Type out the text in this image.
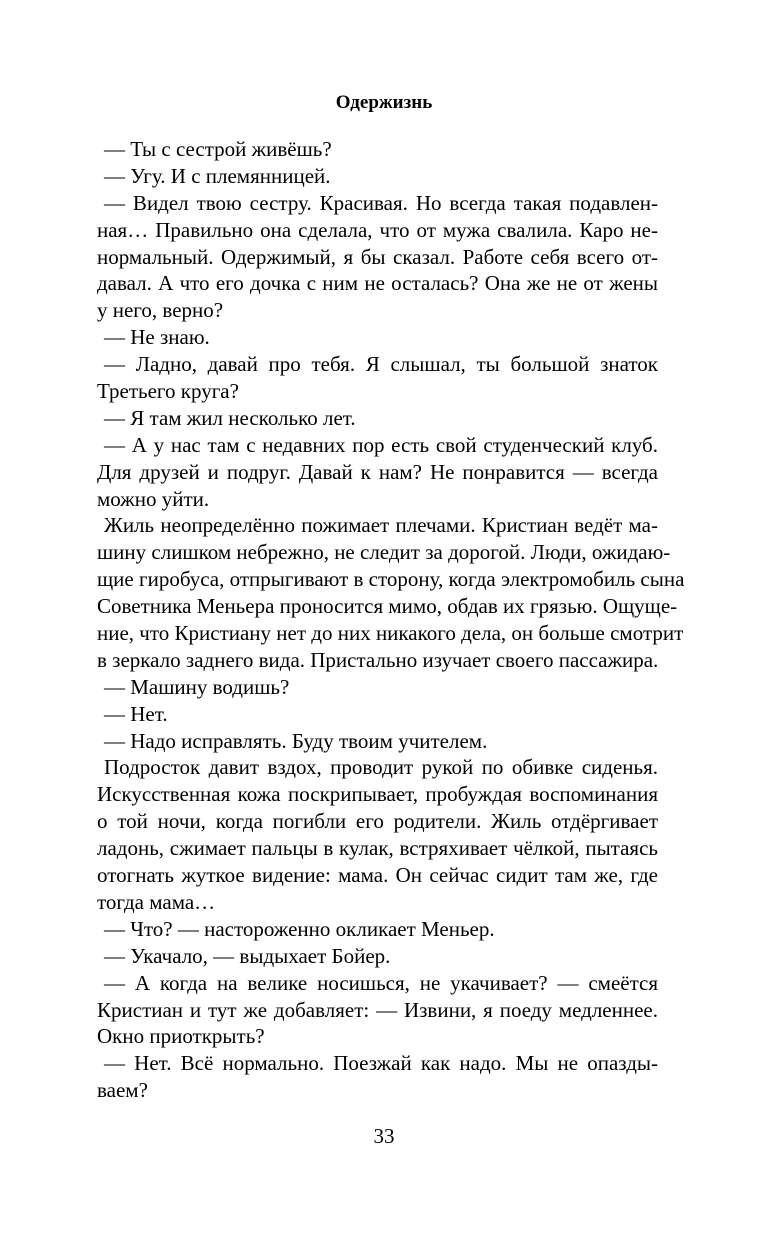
Одержизнь
— Ты с сестрой живёшь?
— Угу. И с племянницей.
— Видел твою сестру. Красивая. Но всегда такая подавлен-
ная… Правильно она сделала, что от мужа свалила. Каро не-
нормальный. Одержимый, я бы сказал. Работе себя всего от-
давал. А что его дочка с ним не осталась? Она же не от жены
у него, верно?
— Не знаю.
— Ладно, давай про тебя. Я слышал, ты большой знаток
Третьего круга?
— Я там жил несколько лет.
— А у нас там с недавних пор есть свой студенческий клуб.
Для друзей и подруг. Давай к нам? Не понравится — всегда
можно уйти.
Жиль неопределённо пожимает плечами. Кристиан ведёт ма-
шину слишком небрежно, не следит за дорогой. Люди, ожидаю-
щие гиробуса, отпрыгивают в сторону, когда электромобиль сына
Советника Меньера проносится мимо, обдав их грязью. Ощуще-
ние, что Кристиану нет до них никакого дела, он больше смотрит
в зеркало заднего вида. Пристально изучает своего пассажира.
— Машину водишь?
— Нет.
— Надо исправлять. Буду твоим учителем.
Подросток давит вздох, проводит рукой по обивке сиденья.
Искусственная кожа поскрипывает, пробуждая воспоминания
о той ночи, когда погибли его родители. Жиль отдёргивает
ладонь, сжимает пальцы в кулак, встряхивает чёлкой, пытаясь
отогнать жуткое видение: мама. Он сейчас сидит там же, где
тогда мама…
— Что? — настороженно окликает Меньер.
— Укачало, — выдыхает Бойер.
— А когда на велике носишься, не укачивает? — смеётся
Кристиан и тут же добавляет: — Извини, я поеду медленнее.
Окно приоткрыть?
— Нет. Всё нормально. Поезжай как надо. Мы не опазды-
ваем?
33
